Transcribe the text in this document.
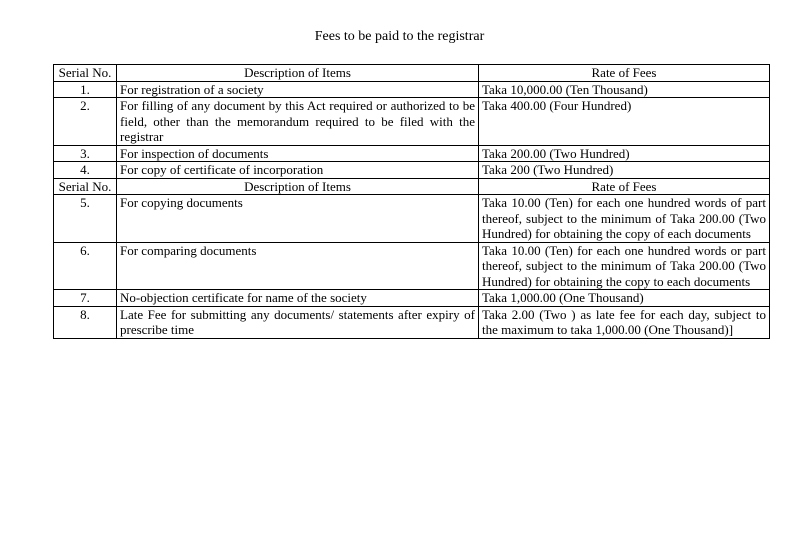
Fees to be paid to the registrar
Serial No.	Description of Items	Rate of Fees
1.	For registration of a society	Taka 10,000.00 (Ten Thousand)
2.	For filling of any document by this Act required or authorized to be field, other than the memorandum required to be filed with the registrar	Taka 400.00 (Four Hundred)
3.	For inspection of documents	Taka 200.00 (Two Hundred)
4.	For copy of certificate of incorporation	Taka 200 (Two Hundred)
Serial No.	Description of Items	Rate of Fees
5.	For copying documents	Taka 10.00 (Ten) for each one hundred words of part thereof, subject to the minimum of Taka 200.00 (Two Hundred) for obtaining the copy of each documents
6.	For comparing documents	Taka 10.00 (Ten) for each one hundred words or part thereof, subject to the minimum of Taka 200.00 (Two Hundred) for obtaining the copy to each documents
7.	No-objection certificate for name of the society	Taka 1,000.00 (One Thousand)
8.	Late Fee for submitting any documents/ statements after expiry of prescribe time	Taka 2.00 (Two ) as late fee for each day, subject to the maximum to taka 1,000.00 (One Thousand)]
